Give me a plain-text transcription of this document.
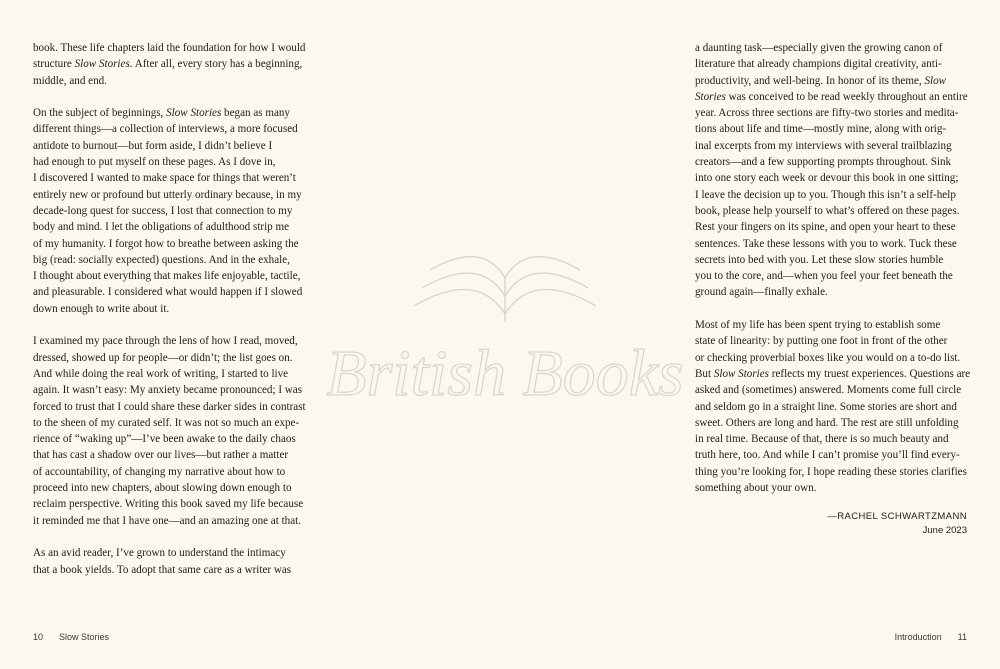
book. These life chapters laid the foundation for how I would
structure Slow Stories. After all, every story has a beginning,
middle, and end.

On the subject of beginnings, Slow Stories began as many
different things—a collection of interviews, a more focused
antidote to burnout—but form aside, I didn’t believe I
had enough to put myself on these pages. As I dove in,
I discovered I wanted to make space for things that weren’t
entirely new or profound but utterly ordinary because, in my
decade-long quest for success, I lost that connection to my
body and mind. I let the obligations of adulthood strip me
of my humanity. I forgot how to breathe between asking the
big (read: socially expected) questions. And in the exhale,
I thought about everything that makes life enjoyable, tactile,
and pleasurable. I considered what would happen if I slowed
down enough to write about it.

I examined my pace through the lens of how I read, moved,
dressed, showed up for people—or didn’t; the list goes on.
And while doing the real work of writing, I started to live
again. It wasn’t easy: My anxiety became pronounced; I was
forced to trust that I could share these darker sides in contrast
to the sheen of my curated self. It was not so much an expe-
rience of “waking up”—I’ve been awake to the daily chaos
that has cast a shadow over our lives—but rather a matter
of accountability, of changing my narrative about how to
proceed into new chapters, about slowing down enough to
reclaim perspective. Writing this book saved my life because
it reminded me that I have one—and an amazing one at that.

As an avid reader, I’ve grown to understand the intimacy
that a book yields. To adopt that same care as a writer was

a daunting task—especially given the growing canon of
literature that already champions digital creativity, anti-
productivity, and well-being. In honor of its theme, Slow
Stories was conceived to be read weekly throughout an entire
year. Across three sections are fifty-two stories and medita-
tions about life and time—mostly mine, along with orig-
inal excerpts from my interviews with several trailblazing
creators—and a few supporting prompts throughout. Sink
into one story each week or devour this book in one sitting;
I leave the decision up to you. Though this isn’t a self-help
book, please help yourself to what’s offered on these pages.
Rest your fingers on its spine, and open your heart to these
sentences. Take these lessons with you to work. Tuck these
secrets into bed with you. Let these slow stories humble
you to the core, and—when you feel your feet beneath the
ground again—finally exhale.

Most of my life has been spent trying to establish some
state of linearity: by putting one foot in front of the other
or checking proverbial boxes like you would on a to-do list.
But Slow Stories reflects my truest experiences. Questions are
asked and (sometimes) answered. Moments come full circle
and seldom go in a straight line. Some stories are short and
sweet. Others are long and hard. The rest are still unfolding
in real time. Because of that, there is so much beauty and
truth here, too. And while I can’t promise you’ll find every-
thing you’re looking for, I hope reading these stories clarifies
something about your own.

—RACHEL SCHWARTZMANN
June 2023
10 Slow Stories	Introduction 11
British Books
